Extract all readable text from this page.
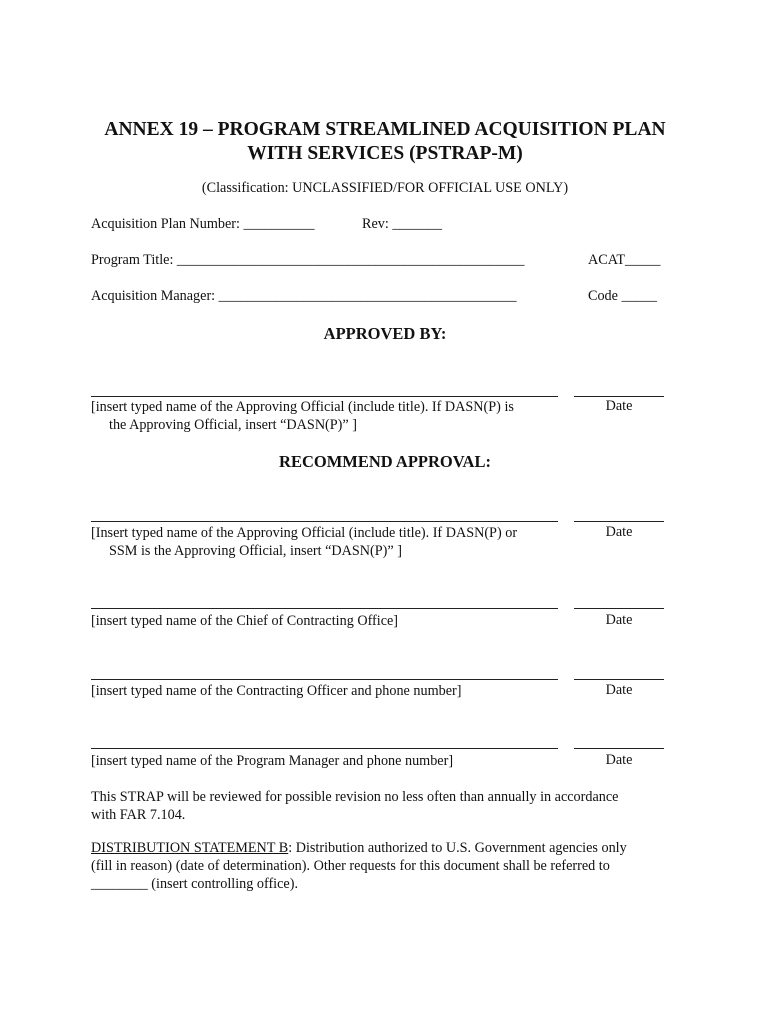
ANNEX 19 – PROGRAM STREAMLINED ACQUISITION PLAN
WITH SERVICES (PSTRAP-M)
(Classification: UNCLASSIFIED/FOR OFFICIAL USE ONLY)
Acquisition Plan Number: __________	Rev: _______
Program Title: _________________________________________________	ACAT_____
Acquisition Manager: __________________________________________	Code _____
APPROVED BY:
[insert typed name of the Approving Official (include title). If DASN(P) is
the Approving Official, insert “DASN(P)” ]
Date
RECOMMEND APPROVAL:
[Insert typed name of the Approving Official (include title). If DASN(P) or
SSM is the Approving Official, insert “DASN(P)” ]
Date
[insert typed name of the Chief of Contracting Office]	Date
[insert typed name of the Contracting Officer and phone number]	Date
[insert typed name of the Program Manager and phone number]	Date
This STRAP will be reviewed for possible revision no less often than annually in accordance
with FAR 7.104.
DISTRIBUTION STATEMENT B: Distribution authorized to U.S. Government agencies only
(fill in reason) (date of determination). Other requests for this document shall be referred to
________ (insert controlling office).
